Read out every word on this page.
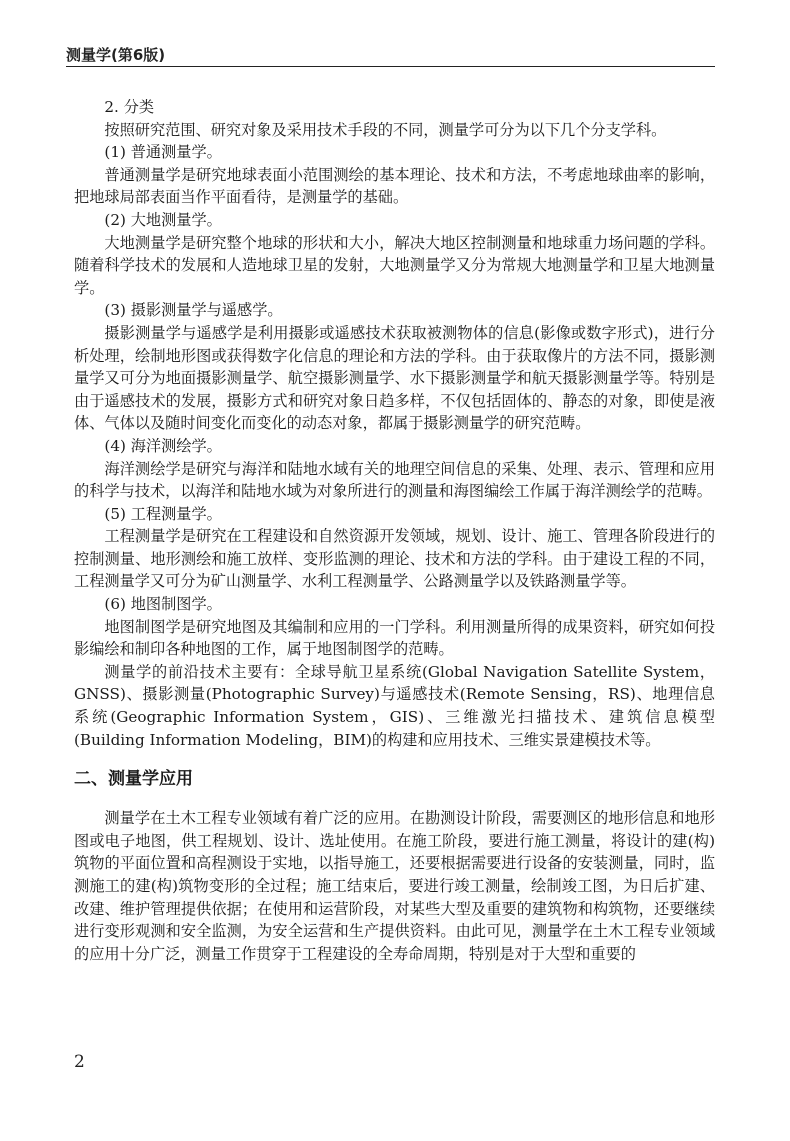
测量学(第6版)

2. 分类

按照研究范围、研究对象及采用技术手段的不同，测量学可分为以下几个分支学科。

(1) 普通测量学。

普通测量学是研究地球表面小范围测绘的基本理论、技术和方法，不考虑地球曲率的影响，把地球局部表面当作平面看待，是测量学的基础。

(2) 大地测量学。

大地测量学是研究整个地球的形状和大小，解决大地区控制测量和地球重力场问题的学科。随着科学技术的发展和人造地球卫星的发射，大地测量学又分为常规大地测量学和卫星大地测量学。

(3) 摄影测量学与遥感学。

摄影测量学与遥感学是利用摄影或遥感技术获取被测物体的信息(影像或数字形式)，进行分析处理，绘制地形图或获得数字化信息的理论和方法的学科。由于获取像片的方法不同，摄影测量学又可分为地面摄影测量学、航空摄影测量学、水下摄影测量学和航天摄影测量学等。特别是由于遥感技术的发展，摄影方式和研究对象日趋多样，不仅包括固体的、静态的对象，即使是液体、气体以及随时间变化而变化的动态对象，都属于摄影测量学的研究范畴。

(4) 海洋测绘学。

海洋测绘学是研究与海洋和陆地水域有关的地理空间信息的采集、处理、表示、管理和应用的科学与技术，以海洋和陆地水域为对象所进行的测量和海图编绘工作属于海洋测绘学的范畴。

(5) 工程测量学。

工程测量学是研究在工程建设和自然资源开发领域，规划、设计、施工、管理各阶段进行的控制测量、地形测绘和施工放样、变形监测的理论、技术和方法的学科。由于建设工程的不同，工程测量学又可分为矿山测量学、水利工程测量学、公路测量学以及铁路测量学等。

(6) 地图制图学。

地图制图学是研究地图及其编制和应用的一门学科。利用测量所得的成果资料，研究如何投影编绘和制印各种地图的工作，属于地图制图学的范畴。

测量学的前沿技术主要有：全球导航卫星系统(Global Navigation Satellite System，GNSS)、摄影测量(Photographic Survey)与遥感技术(Remote Sensing，RS)、地理信息系统(Geographic Information System，GIS)、三维激光扫描技术、建筑信息模型(Building Information Modeling，BIM)的构建和应用技术、三维实景建模技术等。

二、测量学应用

测量学在土木工程专业领域有着广泛的应用。在勘测设计阶段，需要测区的地形信息和地形图或电子地图，供工程规划、设计、选址使用。在施工阶段，要进行施工测量，将设计的建(构)筑物的平面位置和高程测设于实地，以指导施工，还要根据需要进行设备的安装测量，同时，监测施工的建(构)筑物变形的全过程；施工结束后，要进行竣工测量，绘制竣工图，为日后扩建、改建、维护管理提供依据；在使用和运营阶段，对某些大型及重要的建筑物和构筑物，还要继续进行变形观测和安全监测，为安全运营和生产提供资料。由此可见，测量学在土木工程专业领域的应用十分广泛，测量工作贯穿于工程建设的全寿命周期，特别是对于大型和重要的

2
